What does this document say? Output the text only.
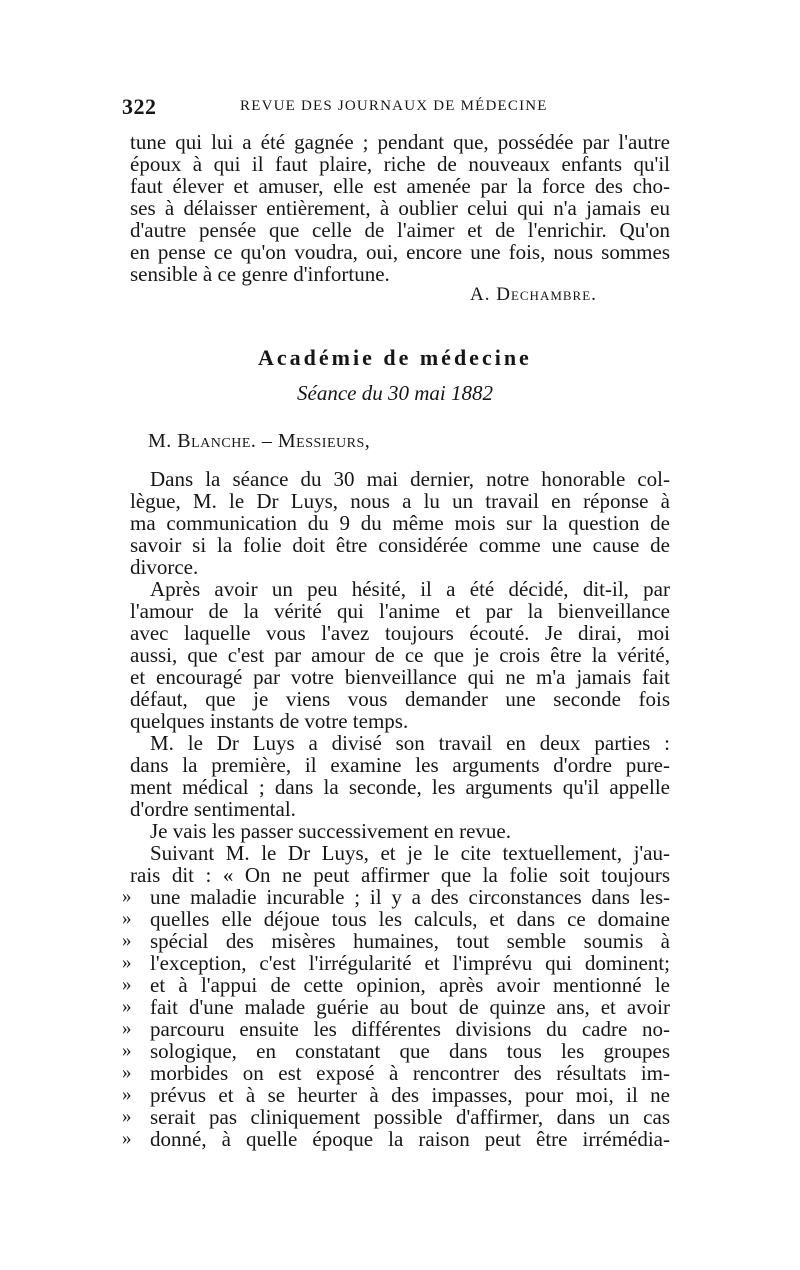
322	REVUE DES JOURNAUX DE MÉDECINE
tune qui lui a été gagnée ; pendant que, possédée par l'autre
époux à qui il faut plaire, riche de nouveaux enfants qu'il
faut élever et amuser, elle est amenée par la force des cho-
ses à délaisser entièrement, à oublier celui qui n'a jamais eu
d'autre pensée que celle de l'aimer et de l'enrichir. Qu'on
en pense ce qu'on voudra, oui, encore une fois, nous sommes
sensible à ce genre d'infortune.
A. Dechambre.
Académie de médecine
Séance du 30 mai 1882
M. Blanche. – Messieurs,
Dans la séance du 30 mai dernier, notre honorable col-
lègue, M. le Dr Luys, nous a lu un travail en réponse à
ma communication du 9 du même mois sur la question de
savoir si la folie doit être considérée comme une cause de
divorce.
Après avoir un peu hésité, il a été décidé, dit-il, par
l'amour de la vérité qui l'anime et par la bienveillance
avec laquelle vous l'avez toujours écouté. Je dirai, moi
aussi, que c'est par amour de ce que je crois être la vérité,
et encouragé par votre bienveillance qui ne m'a jamais fait
défaut, que je viens vous demander une seconde fois
quelques instants de votre temps.
M. le Dr Luys a divisé son travail en deux parties :
dans la première, il examine les arguments d'ordre pure-
ment médical ; dans la seconde, les arguments qu'il appelle
d'ordre sentimental.
Je vais les passer successivement en revue.
Suivant M. le Dr Luys, et je le cite textuellement, j'au-
rais dit : « On ne peut affirmer que la folie soit toujours
» une maladie incurable ; il y a des circonstances dans les-
» quelles elle déjoue tous les calculs, et dans ce domaine
» spécial des misères humaines, tout semble soumis à
» l'exception, c'est l'irrégularité et l'imprévu qui dominent;
» et à l'appui de cette opinion, après avoir mentionné le
» fait d'une malade guérie au bout de quinze ans, et avoir
» parcouru ensuite les différentes divisions du cadre no-
» sologique, en constatant que dans tous les groupes
» morbides on est exposé à rencontrer des résultats im-
» prévus et à se heurter à des impasses, pour moi, il ne
» serait pas cliniquement possible d'affirmer, dans un cas
» donné, à quelle époque la raison peut être irrémédia-
